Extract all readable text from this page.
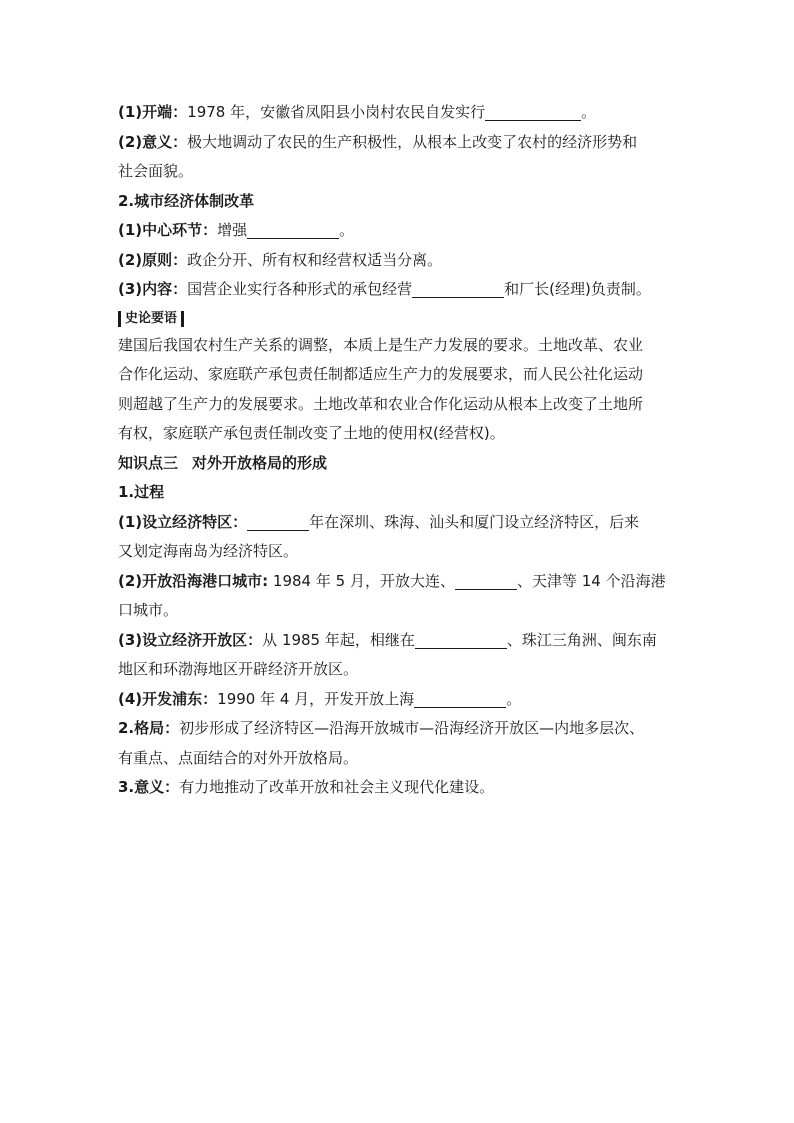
(1)开端：1978 年，安徽省凤阳县小岗村农民自发实行	。
(2)意义：极大地调动了农民的生产积极性，从根本上改变了农村的经济形势和
社会面貌。
2.城市经济体制改革
(1)中心环节：增强	。
(2)原则：政企分开、所有权和经营权适当分离。
(3)内容：国营企业实行各种形式的承包经营	和厂长(经理)负责制。
史论要语
建国后我国农村生产关系的调整，本质上是生产力发展的要求。土地改革、农业
合作化运动、家庭联产承包责任制都适应生产力的发展要求，而人民公社化运动
则超越了生产力的发展要求。土地改革和农业合作化运动从根本上改变了土地所
有权，家庭联产承包责任制改变了土地的使用权(经营权)。
知识点三 对外开放格局的形成
1.过程
(1)设立经济特区：	年在深圳、珠海、汕头和厦门设立经济特区，后来
又划定海南岛为经济特区。
(2)开放沿海港口城市: 1984 年 5 月，开放大连、	、天津等 14 个沿海港
口城市。
(3)设立经济开放区：从 1985 年起，相继在	、珠江三角洲、闽东南
地区和环渤海地区开辟经济开放区。
(4)开发浦东：1990 年 4 月，开发开放上海	。
2.格局：初步形成了经济特区—沿海开放城市—沿海经济开放区—内地多层次、
有重点、点面结合的对外开放格局。
3.意义：有力地推动了改革开放和社会主义现代化建设。
